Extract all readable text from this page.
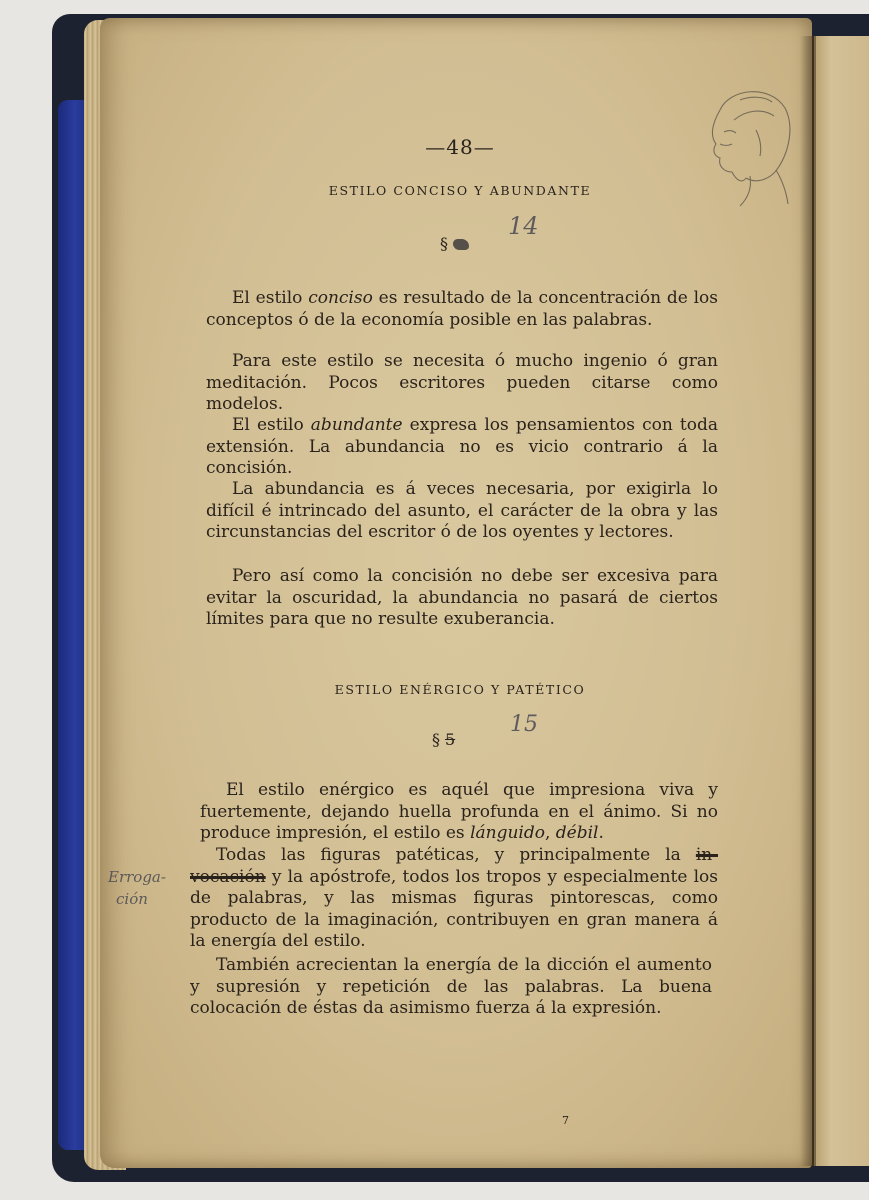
—48—
ESTILO CONCISO Y ABUNDANTE
§
14

El estilo conciso es resultado de la concentración de los conceptos ó de la economía posible en las palabras.

Para este estilo se necesita ó mucho ingenio ó gran meditación. Pocos escritores pueden citarse como modelos.

El estilo abundante expresa los pensamientos con toda extensión. La abundancia no es vicio contrario á la concisión.

La abundancia es á veces necesaria, por exigirla lo difícil é intrincado del asunto, el carácter de la obra y las circunstancias del escritor ó de los oyentes y lectores.

Pero así como la concisión no debe ser excesiva para evitar la oscuridad, la abundancia no pasará de ciertos límites para que no resulte exuberancia.

ESTILO ENÉRGICO Y PATÉTICO
§ 5
15

El estilo enérgico es aquél que impresiona viva y fuertemente, dejando huella profunda en el ánimo. Si no produce impresión, el estilo es lánguido, débil.

Todas las figuras patéticas, y principalmente la in- vocación y la apóstrofe, todos los tropos y especialmente los de palabras, y las mismas figuras pintorescas, como producto de la imaginación, contribuyen en gran manera á la energía del estilo.

También acrecientan la energía de la dicción el aumento y supresión y repetición de las palabras. La buena colocación de éstas da asimismo fuerza á la expresión.

Erroga-
ción
7
